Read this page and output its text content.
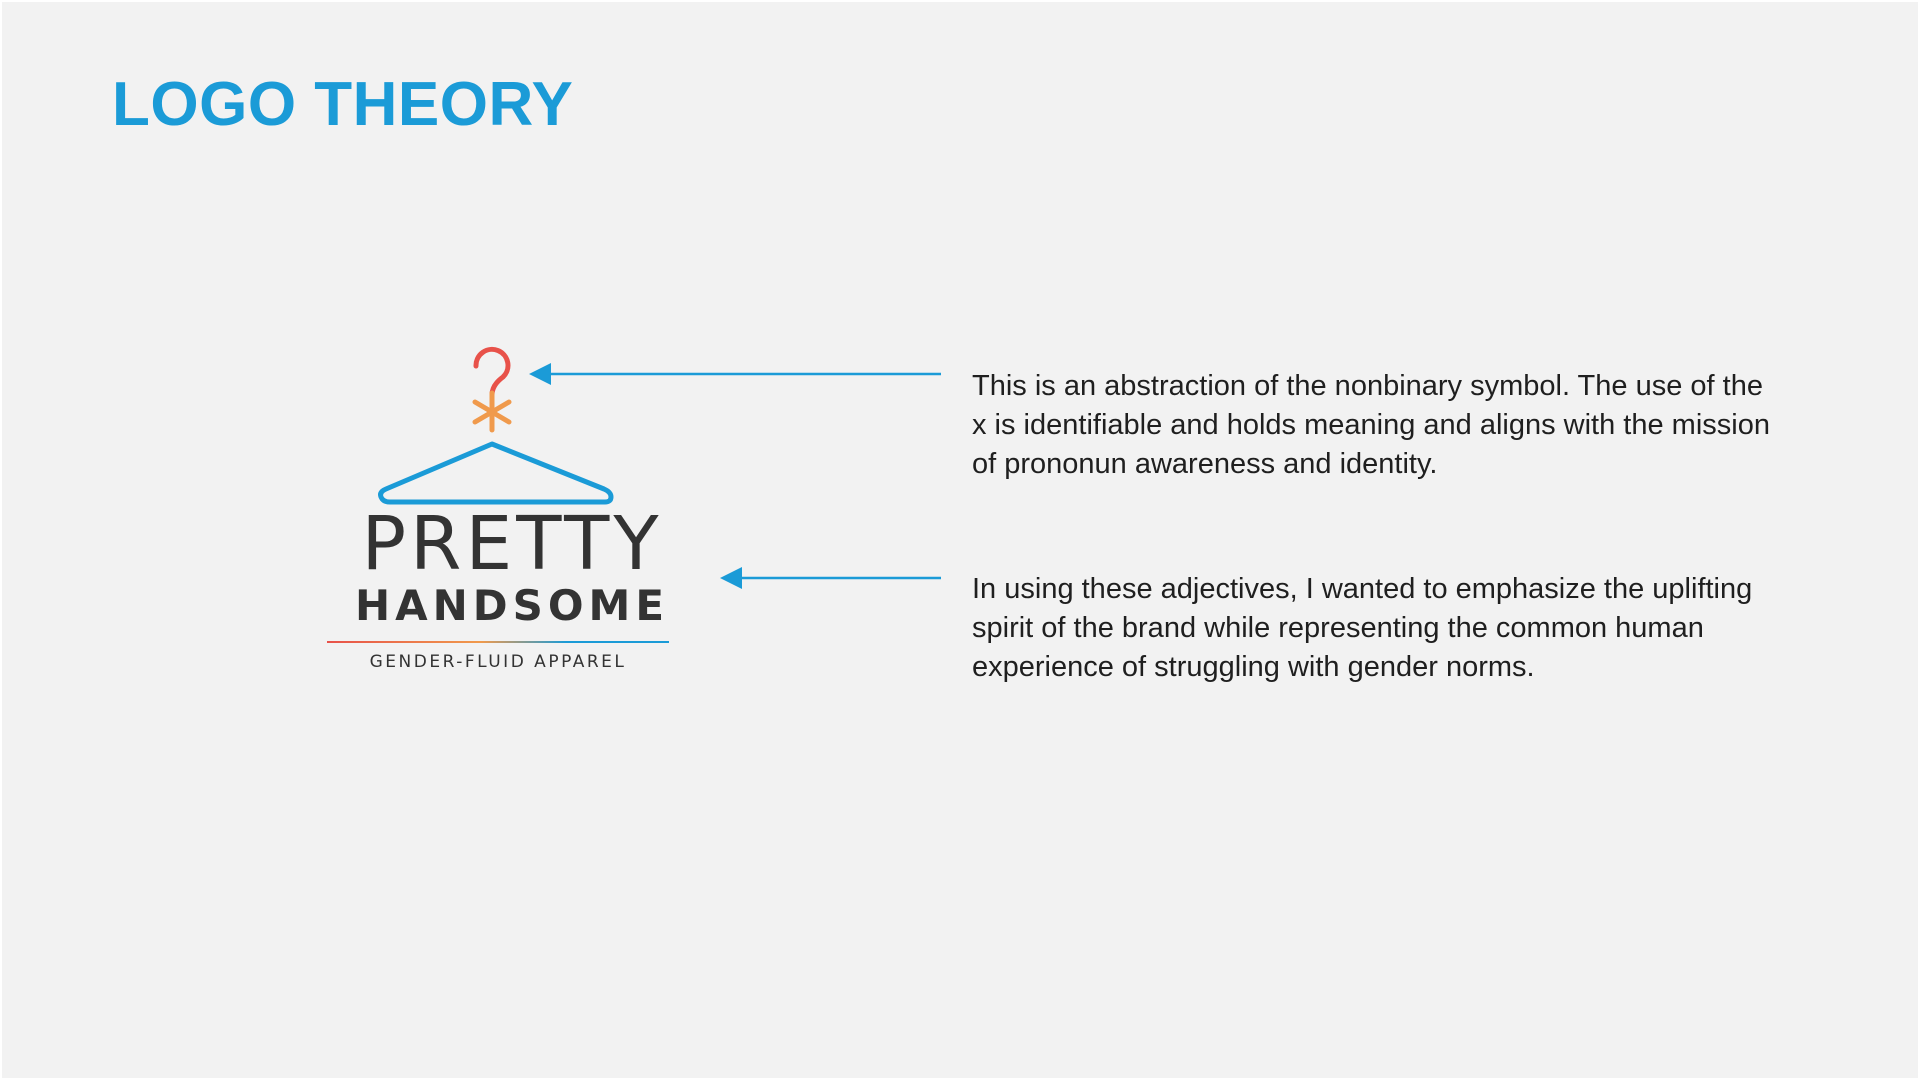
LOGO THEORY
PRETTY
HANDSOME
GENDER-FLUID APPAREL

This is an abstraction of the nonbinary symbol. The use of the x is identifiable and holds meaning and aligns with the mission of prononun awareness and identity.

In using these adjectives, I wanted to emphasize the uplifting spirit of the brand while representing the common human experience of struggling with gender norms.
